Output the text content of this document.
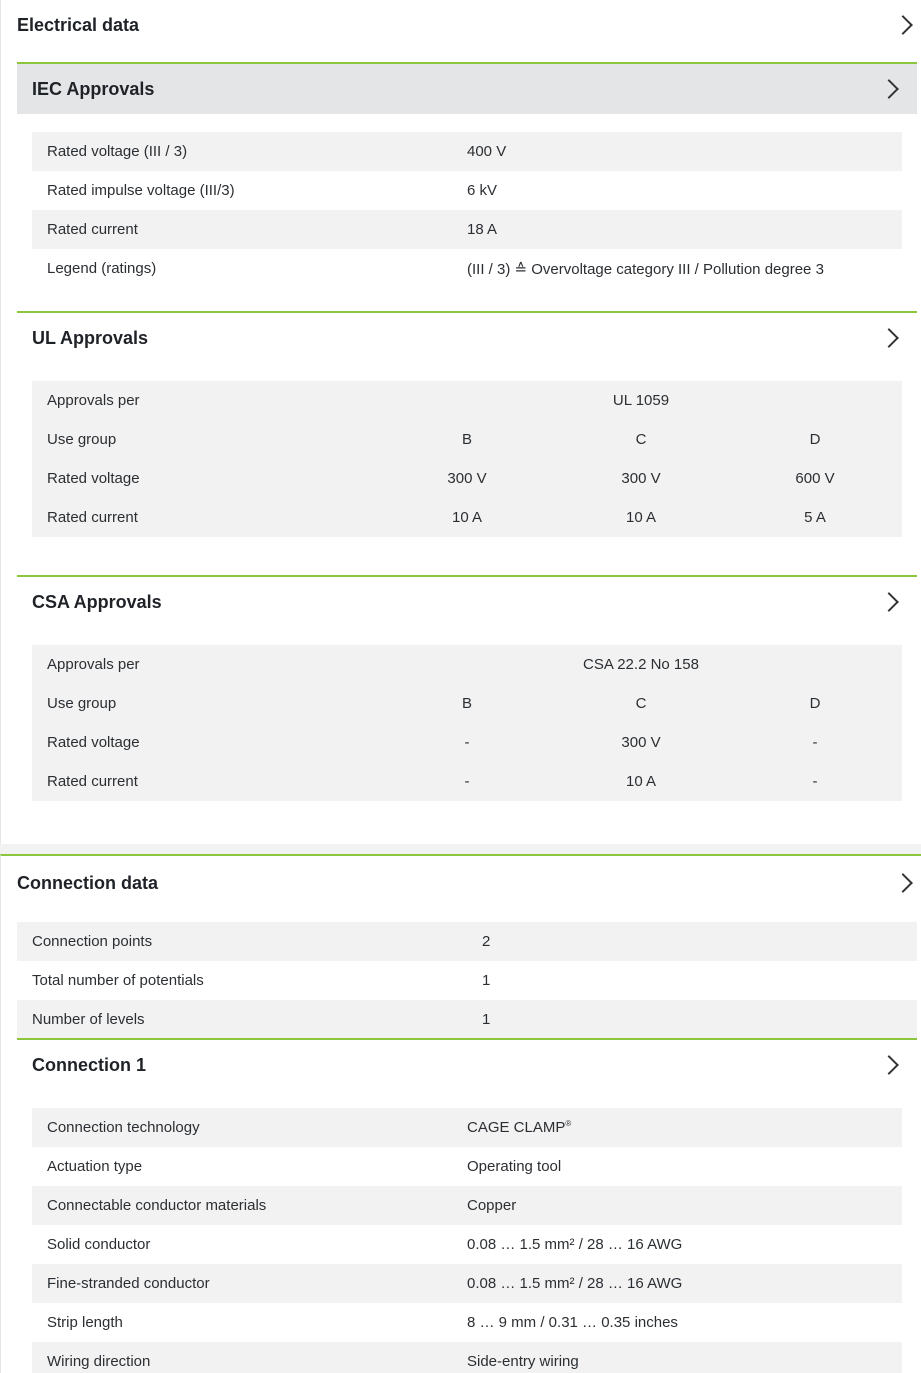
Electrical data
IEC Approvals
Rated voltage (III / 3)	400 V
Rated impulse voltage (III/3)	6 kV
Rated current	18 A
Legend (ratings)	(III / 3) ≙ Overvoltage category III / Pollution degree 3
UL Approvals
Approvals per	UL 1059
Use group	B	C	D
Rated voltage	300 V	300 V	600 V
Rated current	10 A	10 A	5 A
CSA Approvals
Approvals per	CSA 22.2 No 158
Use group	B	C	D
Rated voltage	-	300 V	-
Rated current	-	10 A	-
Connection data
Connection points	2
Total number of potentials	1
Number of levels	1
Connection 1
Connection technology	CAGE CLAMP®
Actuation type	Operating tool
Connectable conductor materials	Copper
Solid conductor	0.08 … 1.5 mm² / 28 … 16 AWG
Fine-stranded conductor	0.08 … 1.5 mm² / 28 … 16 AWG
Strip length	8 … 9 mm / 0.31 … 0.35 inches
Wiring direction	Side-entry wiring
